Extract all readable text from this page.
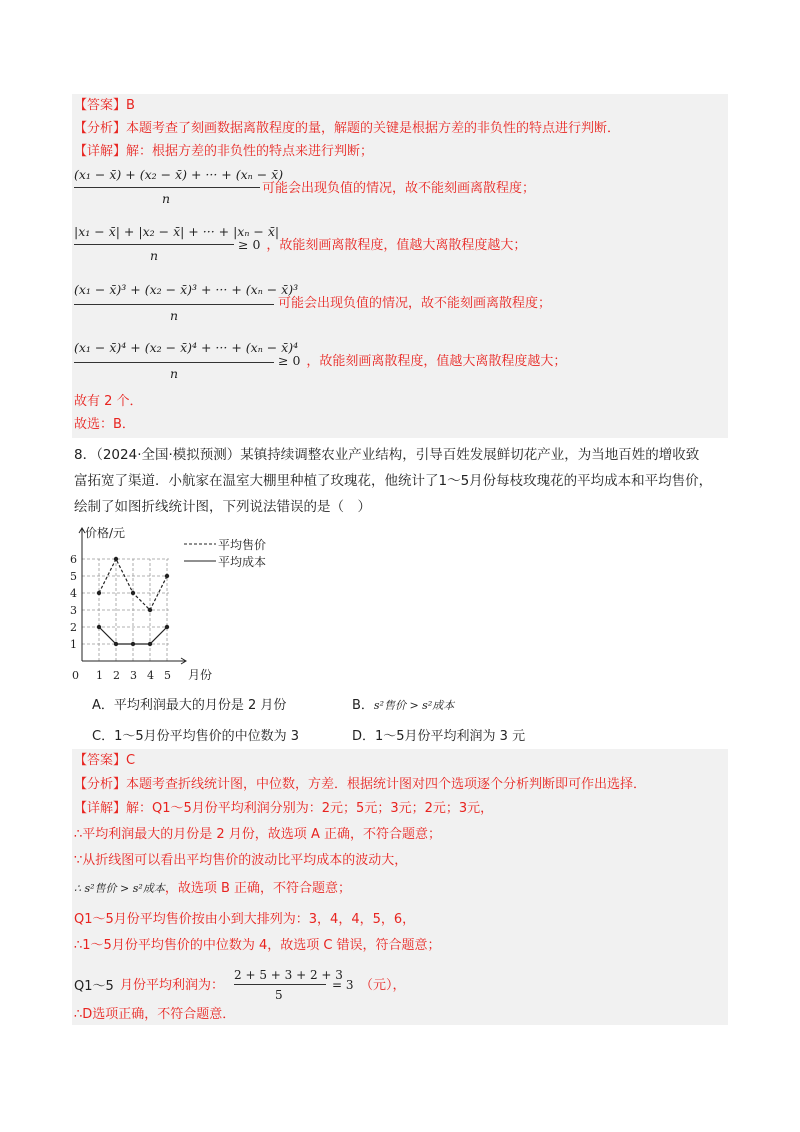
【答案】B
【分析】本题考查了刻画数据离散程度的量，解题的关键是根据方差的非负性的特点进行判断．
【详解】解：根据方差的非负性的特点来进行判断；
(x₁ − x̄) + (x₂ − x̄) + ··· + (xₙ − x̄)
n
可能会出现负值的情况，故不能刻画离散程度；
|x₁ − x̄| + |x₂ − x̄| + ··· + |xₙ − x̄|
n
≥ 0 ，故能刻画离散程度，值越大离散程度越大；
(x₁ − x̄)³ + (x₂ − x̄)³ + ··· + (xₙ − x̄)³
n
可能会出现负值的情况，故不能刻画离散程度；
(x₁ − x̄)⁴ + (x₂ − x̄)⁴ + ··· + (xₙ − x̄)⁴
n
≥ 0 ，故能刻画离散程度，值越大离散程度越大；
故有 2 个．
故选：B．
8．（2024·全国·模拟预测）某镇持续调整农业产业结构，引导百姓发展鲜切花产业，为当地百姓的增收致
富拓宽了渠道．小航家在温室大棚里种植了玫瑰花，他统计了1～5月份每枝玫瑰花的平均成本和平均售价，
绘制了如图折线统计图，下列说法错误的是（　）
价格/元
月份
0
1
2
3
4
5
6
1 2 3 4 5
平均售价
平均成本
A．平均利润最大的月份是 2 月份	B．s²售价 > s²成本
C．1～5月份平均售价的中位数为 3	D．1～5月份平均利润为 3 元
【答案】C
【分析】本题考查折线统计图，中位数，方差．根据统计图对四个选项逐个分析判断即可作出选择．
【详解】解：Q1～5月份平均利润分别为：2元；5元；3元；2元；3元，
∴平均利润最大的月份是 2 月份，故选项 A 正确，不符合题意；
∵从折线图可以看出平均售价的波动比平均成本的波动大，
∴ s²售价 > s²成本，故选项 B 正确，不符合题意；
Q1～5月份平均售价按由小到大排列为：3，4，4，5，6，
∴1～5月份平均售价的中位数为 4，故选项 C 错误，符合题意；
Q1～5 月份平均利润为：
2 + 5 + 3 + 2 + 3
5
= 3 （元），
∴D选项正确，不符合题意．
